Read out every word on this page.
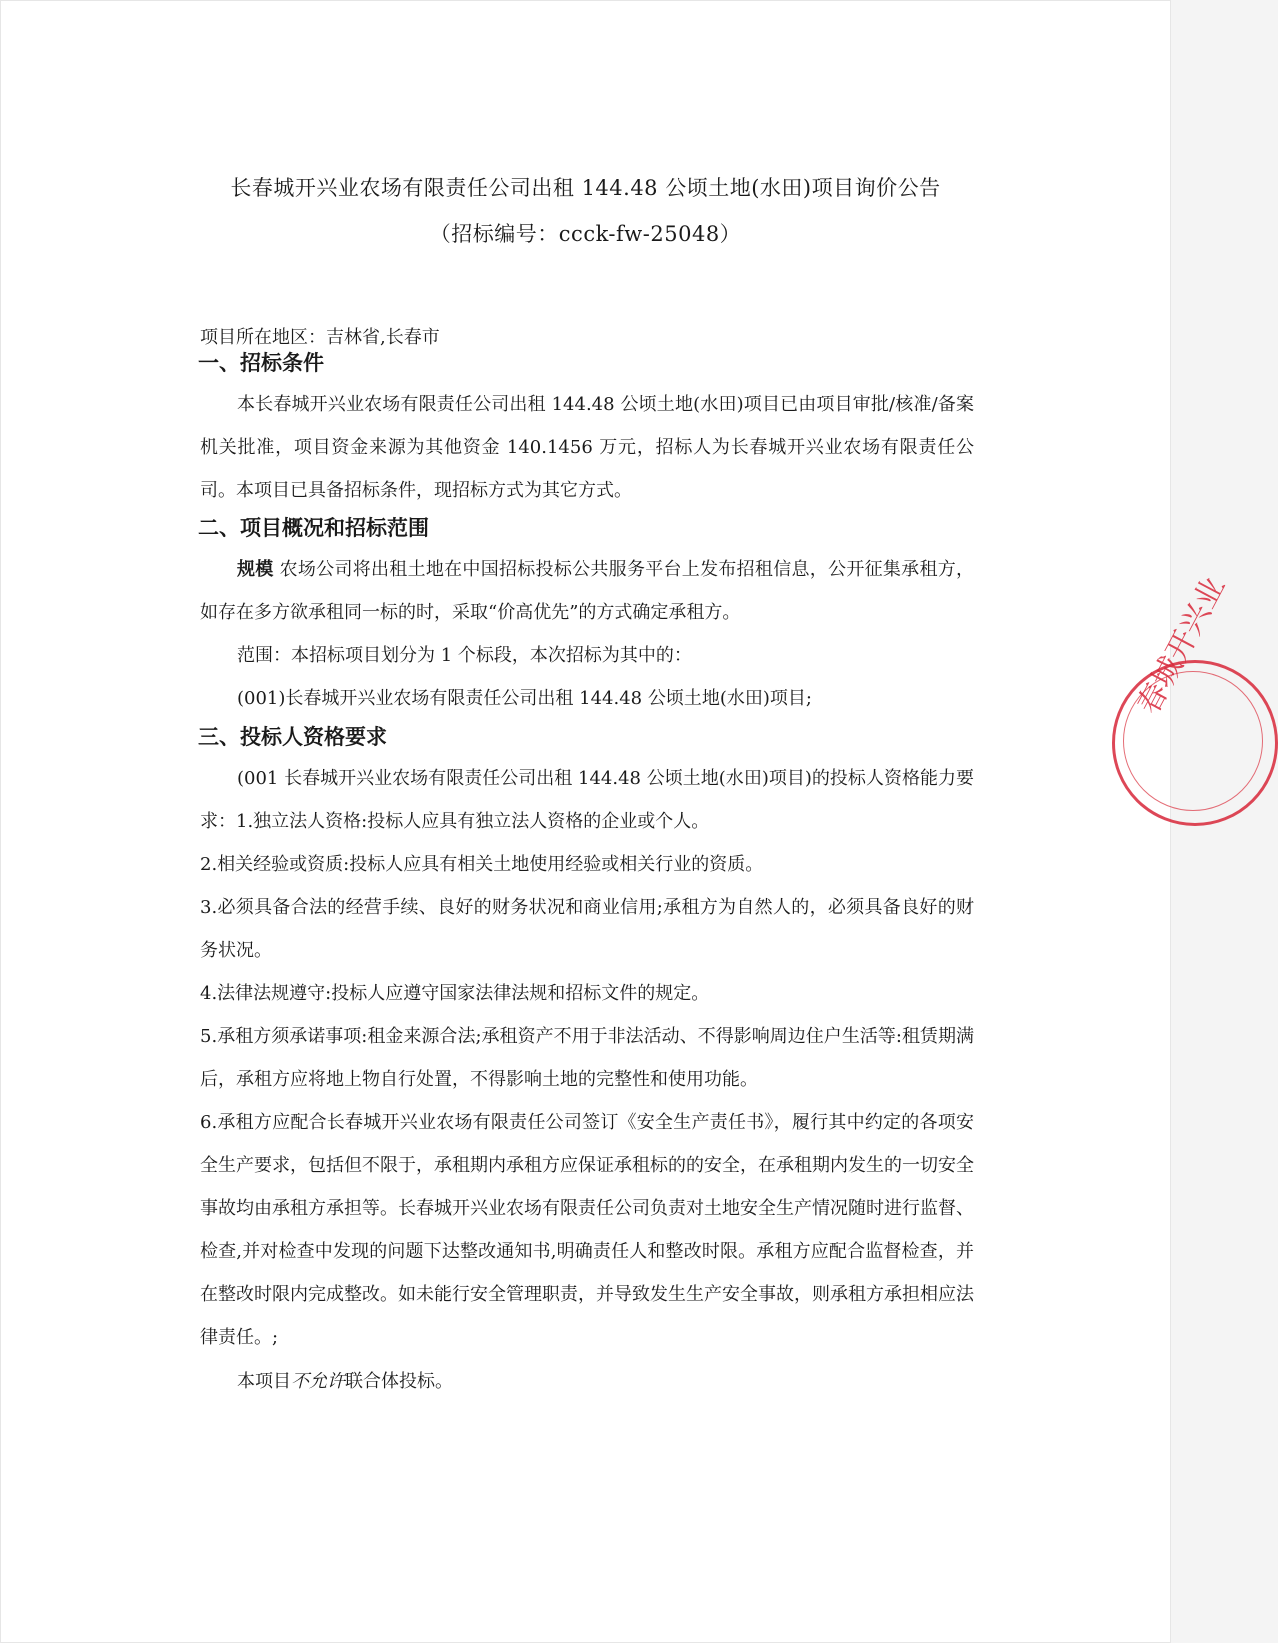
长春城开兴业农场有限责任公司出租 144.48 公顷土地(水田)项目询价公告
（招标编号：ccck-fw-25048）
项目所在地区：吉林省,长春市
一、招标条件
本长春城开兴业农场有限责任公司出租 144.48 公顷土地(水田)项目已由项目审批/核准/备案机关批准，项目资金来源为其他资金 140.1456 万元，招标人为长春城开兴业农场有限责任公司。本项目已具备招标条件，现招标方式为其它方式。
二、项目概况和招标范围
规模 农场公司将出租土地在中国招标投标公共服务平台上发布招租信息，公开征集承租方，如存在多方欲承租同一标的时，采取“价高优先”的方式确定承租方。
范围：本招标项目划分为 1 个标段，本次招标为其中的：
(001)长春城开兴业农场有限责任公司出租 144.48 公顷土地(水田)项目;
三、投标人资格要求
(001 长春城开兴业农场有限责任公司出租 144.48 公顷土地(水田)项目)的投标人资格能力要求：1.独立法人资格:投标人应具有独立法人资格的企业或个人。
2.相关经验或资质:投标人应具有相关土地使用经验或相关行业的资质。
3.必须具备合法的经营手续、良好的财务状况和商业信用;承租方为自然人的，必须具备良好的财务状况。
4.法律法规遵守:投标人应遵守国家法律法规和招标文件的规定。
5.承租方须承诺事项:租金来源合法;承租资产不用于非法活动、不得影响周边住户生活等:租赁期满后，承租方应将地上物自行处置，不得影响土地的完整性和使用功能。
6.承租方应配合长春城开兴业农场有限责任公司签订《安全生产责任书》，履行其中约定的各项安全生产要求，包括但不限于，承租期内承租方应保证承租标的的安全，在承租期内发生的一切安全事故均由承租方承担等。长春城开兴业农场有限责任公司负责对土地安全生产情况随时进行监督、检查,并对检查中发现的问题下达整改通知书,明确责任人和整改时限。承租方应配合监督检查，并在整改时限内完成整改。如未能行安全管理职责，并导致发生生产安全事故，则承租方承担相应法律责任。;
本项目不允许联合体投标。
春城开兴业
